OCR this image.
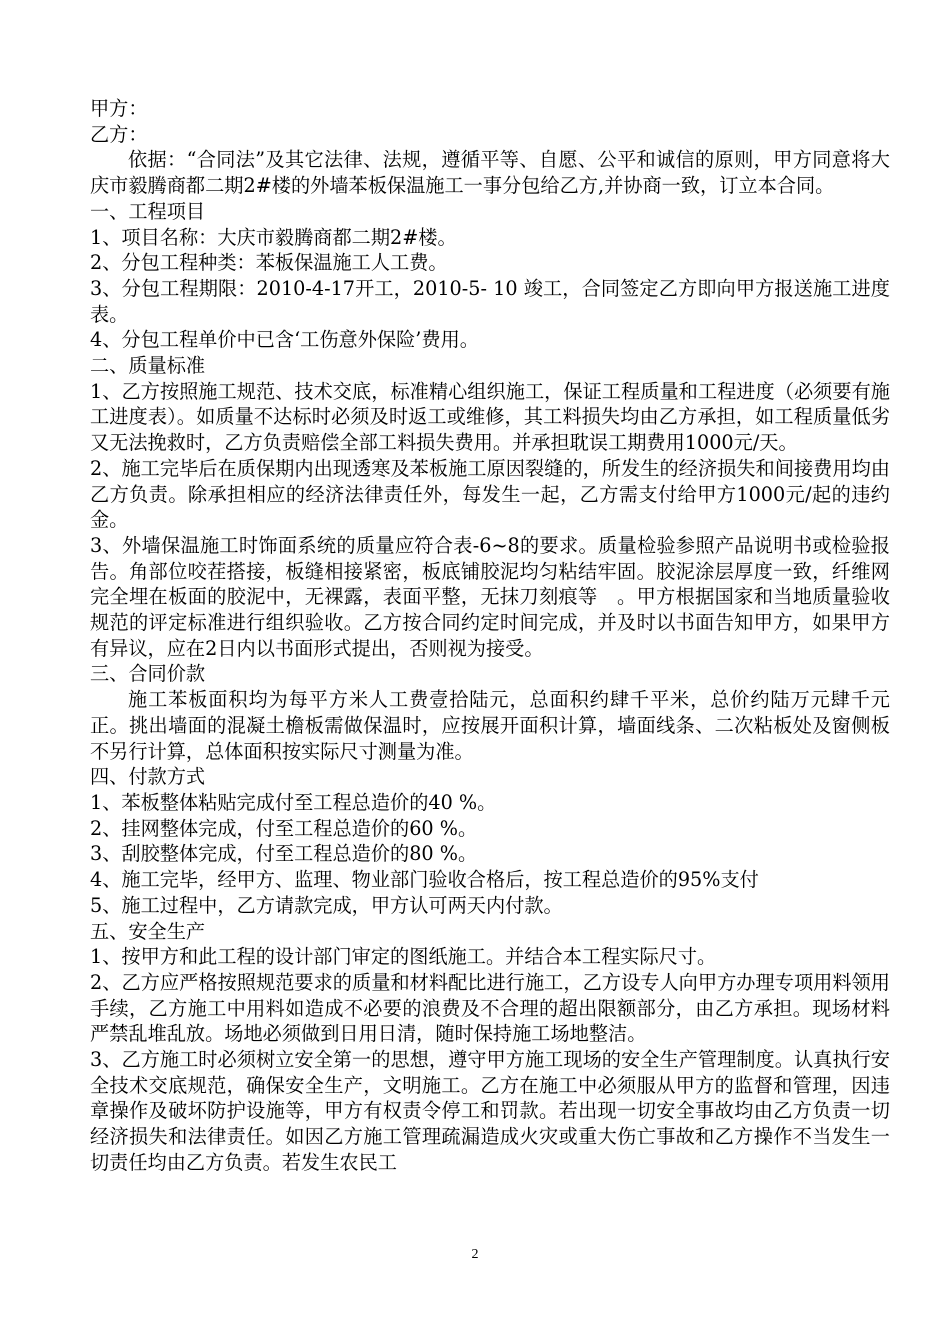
甲方：

乙方：

依据：“合同法”及其它法律、法规，遵循平等、自愿、公平和诚信的原则，甲方同意将大庆市毅腾商都二期2#楼的外墙苯板保温施工一事分包给乙方,并协商一致，订立本合同。

一、工程项目

1、项目名称：大庆市毅腾商都二期2#楼。

2、分包工程种类：苯板保温施工人工费。

3、分包工程期限：2010-4-17开工，2010-5- 10 竣工，合同签定乙方即向甲方报送施工进度表。

4、分包工程单价中已含‘工伤意外保险’费用。

二、质量标准

1、乙方按照施工规范、技术交底，标准精心组织施工，保证工程质量和工程进度（必须要有施工进度表）。如质量不达标时必须及时返工或维修，其工料损失均由乙方承担，如工程质量低劣又无法挽救时，乙方负责赔偿全部工料损失费用。并承担耽误工期费用1000元/天。

2、施工完毕后在质保期内出现透寒及苯板施工原因裂缝的，所发生的经济损失和间接费用均由乙方负责。除承担相应的经济法律责任外，每发生一起，乙方需支付给甲方1000元/起的违约金。

3、外墙保温施工时饰面系统的质量应符合表-6~8的要求。质量检验参照产品说明书或检验报告。角部位咬茬搭接，板缝相接紧密，板底铺胶泥均匀粘结牢固。胶泥涂层厚度一致，纤维网完全埋在板面的胶泥中，无裸露，表面平整，无抹刀刻痕等　。甲方根据国家和当地质量验收规范的评定标准进行组织验收。乙方按合同约定时间完成，并及时以书面告知甲方，如果甲方有异议，应在2日内以书面形式提出，否则视为接受。

三、合同价款

施工苯板面积均为每平方米人工费壹拾陆元，总面积约肆千平米，总价约陆万元肆千元正。挑出墙面的混凝土檐板需做保温时，应按展开面积计算，墙面线条、二次粘板处及窗侧板不另行计算，总体面积按实际尺寸测量为准。

四、付款方式

1、苯板整体粘贴完成付至工程总造价的40 %。

2、挂网整体完成，付至工程总造价的60 %。

3、刮胶整体完成，付至工程总造价的80 %。

4、施工完毕，经甲方、监理、物业部门验收合格后，按工程总造价的95%支付

5、施工过程中，乙方请款完成，甲方认可两天内付款。

五、安全生产

1、按甲方和此工程的设计部门审定的图纸施工。并结合本工程实际尺寸。

2、乙方应严格按照规范要求的质量和材料配比进行施工，乙方设专人向甲方办理专项用料领用手续，乙方施工中用料如造成不必要的浪费及不合理的超出限额部分，由乙方承担。现场材料严禁乱堆乱放。场地必须做到日用日清，随时保持施工场地整洁。

3、乙方施工时必须树立安全第一的思想，遵守甲方施工现场的安全生产管理制度。认真执行安全技术交底规范，确保安全生产，文明施工。乙方在施工中必须服从甲方的监督和管理，因违章操作及破坏防护设施等，甲方有权责令停工和罚款。若出现一切安全事故均由乙方负责一切经济损失和法律责任。如因乙方施工管理疏漏造成火灾或重大伤亡事故和乙方操作不当发生一切责任均由乙方负责。若发生农民工

2
